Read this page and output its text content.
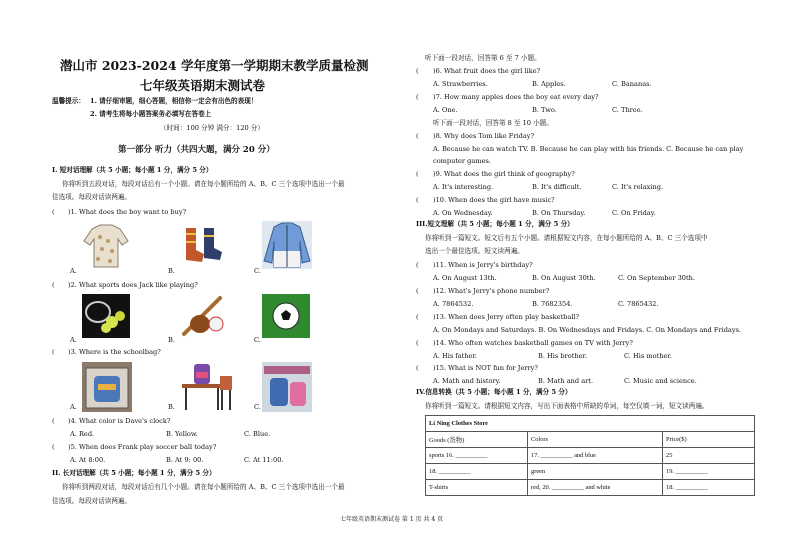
潜山市 2023-2024 学年度第一学期期末教学质量检测
七年级英语期末测试卷
温馨提示： 1. 请仔细审题，细心答题，相信你一定会有出色的表现！
2. 请考生将每小题答案务必填写在答卷上
（时间：100 分钟 满分：120 分）
第一部分 听力（共四大题，满分 20 分）
I. 短对话理解（共 5 小题；每小题 1 分，满分 5 分）
你将听到五段对话，每段对话后有一个小题。请在每小题所给的 A、B、C 三个选项中选出一个最
佳选项。每段对话读两遍。
( )1. What does the boy want to buy?
A.	B.	C.
( )2. What sports does Jack like playing?
A.	B.	C.
( )3. Where is the schoolbag?
A.	B.	C.
( )4. What color is Dave's clock?
A. Red.	B. Yellow.	C. Blue.
( )5. When does Frank play soccer ball today?
A. At 8:00.	B. At 9: 00.	C. At 11:00.
II. 长对话理解（共 5 小题；每小题 1 分，满分 5 分）
你将听到两段对话，每段对话后有几个小题。请在每小题所给的 A、B、C 三个选项中选出一个最
佳选项。每段对话读两遍。
听下面一段对话，回答第 6 至 7 小题。
( )6. What fruit does the girl like?
A. Strawberries.	B. Apples.	C. Bananas.
( )7. How many apples does the boy eat every day?
A. One.	B. Two.	C. Three.
听下面一段对话，回答第 8 至 10 小题。
( )8. Why does Tom like Friday?
A. Because he can watch TV. B. Because he can play with his friends. C. Because he can play
computer games.
( )9. What does the girl think of geography?
A. It's interesting.	B. It's difficult.	C. It's relaxing.
( )10. When does the girl have music?
A. On Wednesday.	B. On Thursday.	C. On Friday.
III.短文理解（共 5 小题；每小题 1 分，满分 5 分）
你将听到一篇短文。短文后有五个小题。请根据短文内容，在每小题所给的 A、B、C 三个选项中
选出一个最佳选项。短文读两遍。
( )11. When is Jerry's birthday?
A. On August 13th.	B. On August 30th.	C. On September 30th.
( )12. What's Jerry's phone number?
A. 7864532.	B. 7682354.	C. 7865432.
( )13. When does Jerry often play basketball?
A. On Mondays and Saturdays. B. On Wednesdays and Fridays. C. On Mondays and Fridays.
( )14. Who often watches basketball games on TV with Jerry?
A. His father.	B. His brother.	C. His mother.
( )15. What is NOT fun for Jerry?
A. Math and history.	B. Math and art.	C. Music and science.
IV.信息转换（共 5 小题；每小题 1 分，满分 5 分）
你将听到一篇短文。请根据短文内容，写出下面表格中所缺的单词，每空仅填一词，短文读两遍。
Li Ning Clothes Store		
Goods (货物)	Colors	Price($)
sports 16. __________	17. __________ and blue	25
18. __________	green	19. __________
T-shirts	red, 20. __________ and white	18. __________
七年级英语期末测试卷 第 1 页 共 4 页
